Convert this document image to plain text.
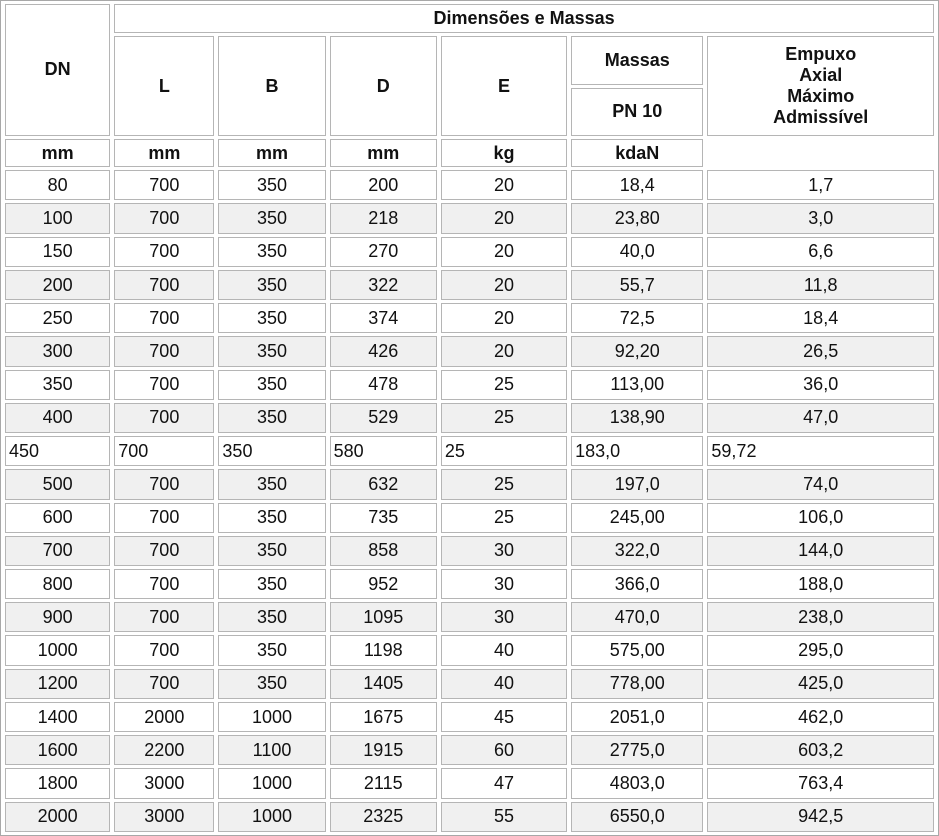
DN	Dimensões e Massas					
	L	B	D	E	Massas	Empuxo
Axial
Máximo
Admissível

					PN 10	
mm	mm	mm	mm	kg	kdaN	
80	700	350	200	20	18,4	1,7
100	700	350	218	20	23,80	3,0
150	700	350	270	20	40,0	6,6
200	700	350	322	20	55,7	11,8
250	700	350	374	20	72,5	18,4
300	700	350	426	20	92,20	26,5
350	700	350	478	25	113,00	36,0
400	700	350	529	25	138,90	47,0
450	700	350	580	25	183,0	59,72
500	700	350	632	25	197,0	74,0
600	700	350	735	25	245,00	106,0
700	700	350	858	30	322,0	144,0
800	700	350	952	30	366,0	188,0
900	700	350	1095	30	470,0	238,0
1000	700	350	1198	40	575,00	295,0
1200	700	350	1405	40	778,00	425,0
1400	2000	1000	1675	45	2051,0	462,0
1600	2200	1100	1915	60	2775,0	603,2
1800	3000	1000	2115	47	4803,0	763,4
2000	3000	1000	2325	55	6550,0	942,5
